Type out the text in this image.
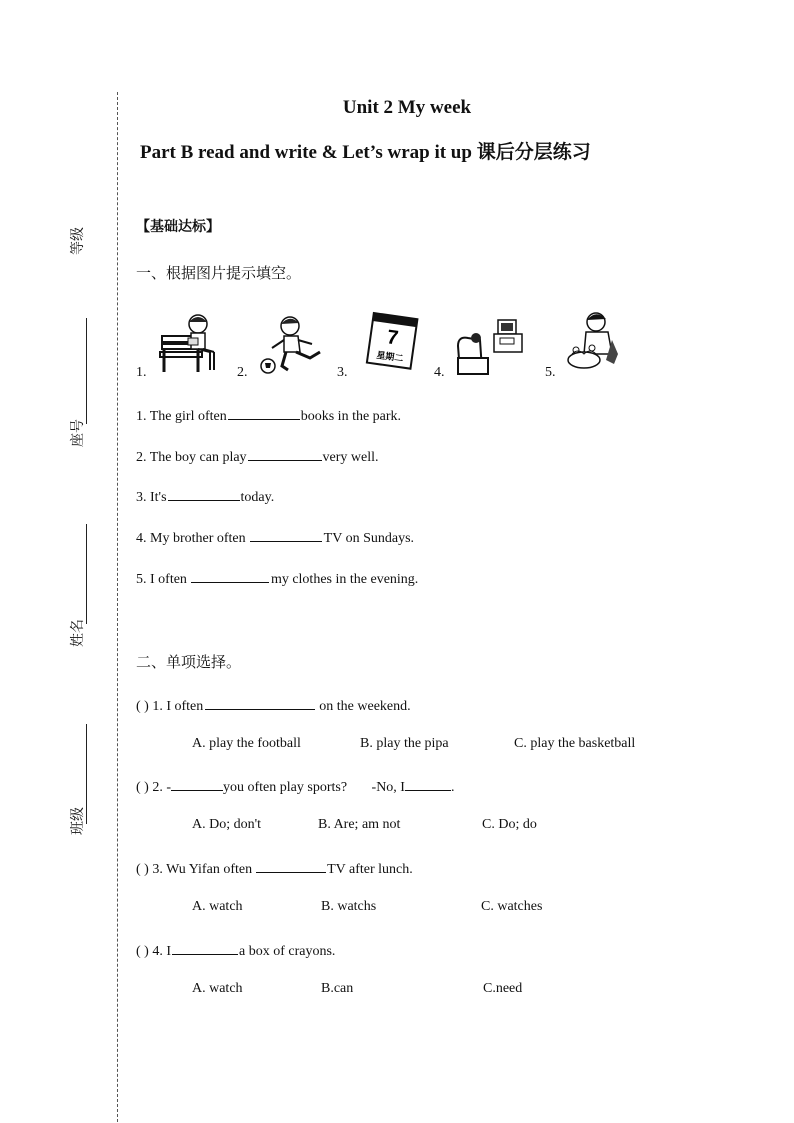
等级
座号
姓名
班级
Unit 2 My week
Part B read and write & Let’s wrap it up 课后分层练习
【基础达标】
一、根据图片提示填空。
1.	2.	3.
7
星期二
4.	5.
1. The girl often	books in the park.
2. The boy can play	very well.
3. It's	today.
4. My brother often	TV on Sundays.
5. I often	my clothes in the evening.
二、单项选择。
( ) 1. I often	on the weekend.
A. play the football	B. play the pipa	C. play the basketball
( ) 2. -	you often play sports?       -No, I	.
A. Do; don't	B. Are; am not	C. Do; do
( ) 3. Wu Yifan often	TV after lunch.
A. watch	B. watchs	C. watches
( ) 4. I	a box of crayons.
A. watch	B.can	C.need
